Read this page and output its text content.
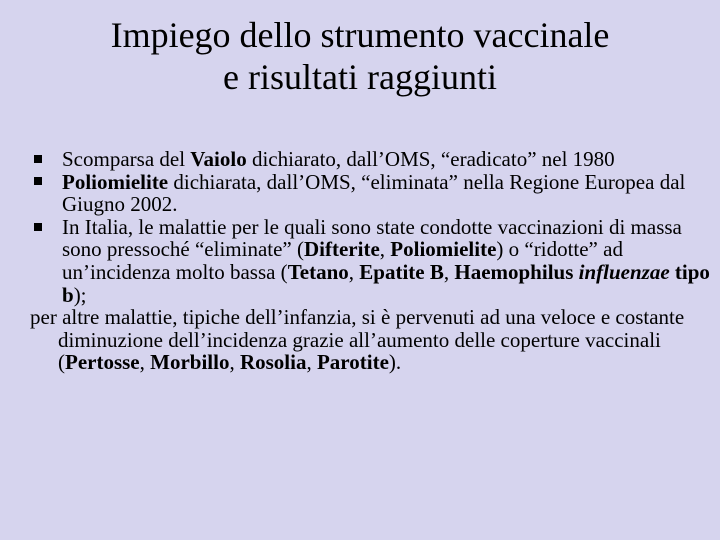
Impiego dello strumento vaccinale
e risultati raggiunti
Scomparsa del Vaiolo dichiarato, dall’OMS, “eradicato” nel 1980
Poliomielite dichiarata, dall’OMS, “eliminata” nella Regione Europea dal Giugno 2002.
In Italia, le malattie per le quali sono state condotte vaccinazioni di massa sono pressoché “eliminate” (Difterite, Poliomielite) o “ridotte” ad un’incidenza molto bassa (Tetano, Epatite B, Haemophilus influenzae tipo b);
per altre malattie, tipiche dell’infanzia, si è pervenuti ad una veloce e costante diminuzione dell’incidenza grazie all’aumento delle coperture vaccinali (Pertosse, Morbillo, Rosolia, Parotite).
